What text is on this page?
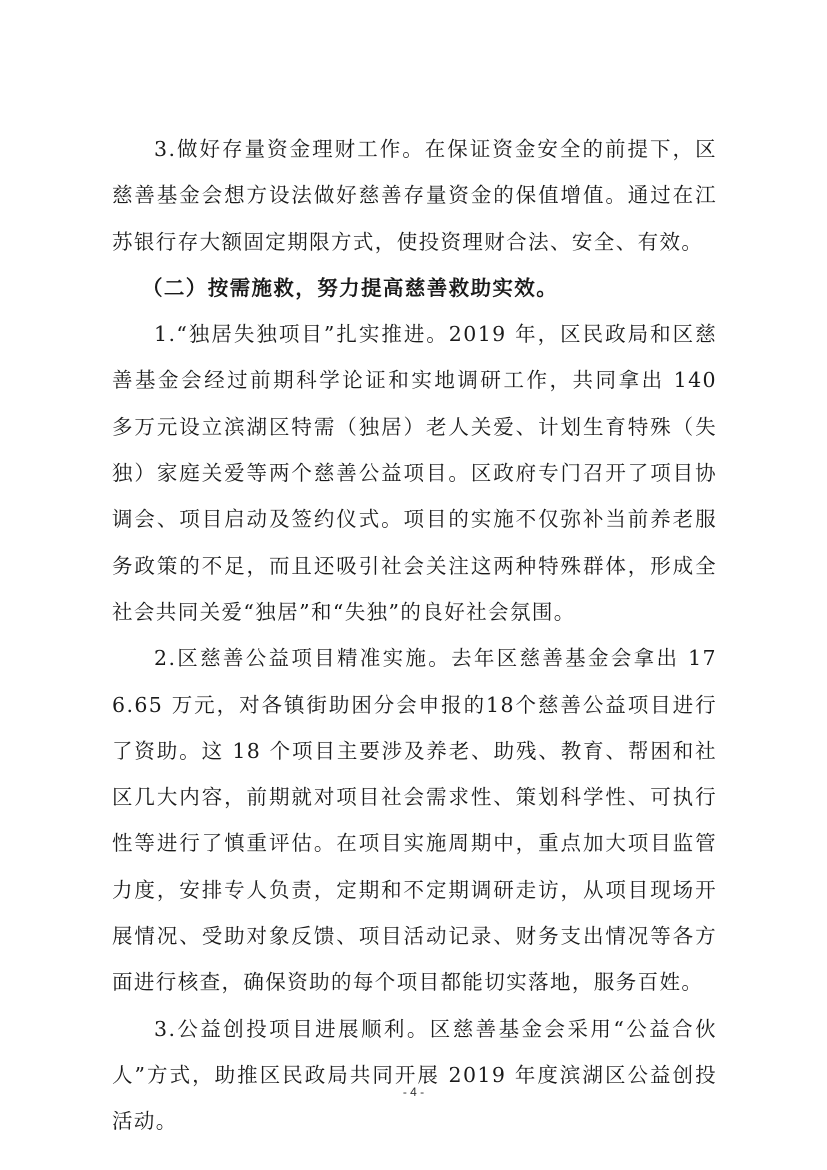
3.做好存量资金理财工作。在保证资金安全的前提下，区慈善基金会想方设法做好慈善存量资金的保值增值。通过在江苏银行存大额固定期限方式，使投资理财合法、安全、有效。

（二）按需施救，努力提高慈善救助实效。

1.“独居失独项目”扎实推进。2019 年，区民政局和区慈善基金会经过前期科学论证和实地调研工作，共同拿出 140 多万元设立滨湖区特需（独居）老人关爱、计划生育特殊（失独）家庭关爱等两个慈善公益项目。区政府专门召开了项目协调会、项目启动及签约仪式。项目的实施不仅弥补当前养老服务政策的不足，而且还吸引社会关注这两种特殊群体，形成全社会共同关爱“独居”和“失独”的良好社会氛围。

2.区慈善公益项目精准实施。去年区慈善基金会拿出 176.65 万元，对各镇街助困分会申报的18个慈善公益项目进行了资助。这 18 个项目主要涉及养老、助残、教育、帮困和社区几大内容，前期就对项目社会需求性、策划科学性、可执行性等进行了慎重评估。在项目实施周期中，重点加大项目监管力度，安排专人负责，定期和不定期调研走访，从项目现场开展情况、受助对象反馈、项目活动记录、财务支出情况等各方面进行核查，确保资助的每个项目都能切实落地，服务百姓。

3.公益创投项目进展顺利。区慈善基金会采用“公益合伙人”方式，助推区民政局共同开展 2019 年度滨湖区公益创投活动。

- 4 -
